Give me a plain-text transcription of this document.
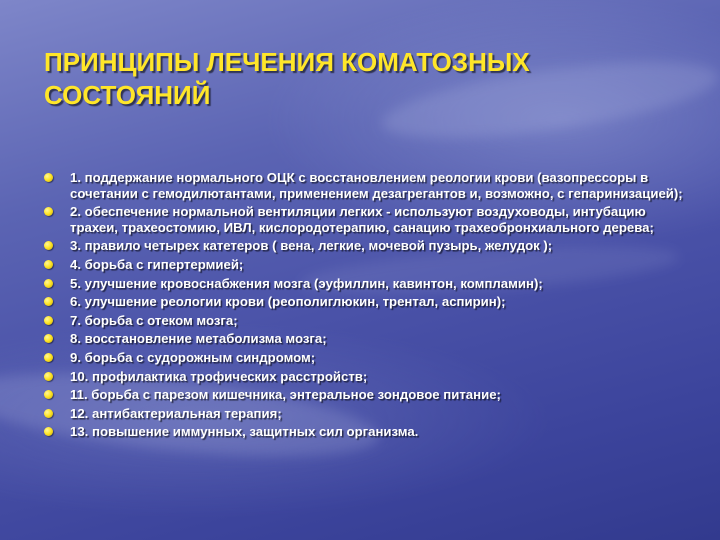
ПРИНЦИПЫ ЛЕЧЕНИЯ КОМАТОЗНЫХ СОСТОЯНИЙ
1. поддержание нормального ОЦК с восстановлением реологии крови (вазопрессоры в сочетании с гемодилютантами, применением дезагрегантов и, возможно, с гепаринизацией);
2. обеспечение нормальной вентиляции легких - используют воздуховоды, интубацию трахеи, трахеостомию, ИВЛ, кислородотерапию, санацию трахеобронхиального дерева;
3. правило четырех катетеров ( вена, легкие, мочевой пузырь, желудок );
4. борьба с гипертермией;
5. улучшение кровоснабжения мозга (эуфиллин, кавинтон, компламин);
6. улучшение реологии крови (реополиглюкин, трентал, аспирин);
7. борьба с отеком мозга;
8. восстановление метаболизма мозга;
9. борьба с судорожным синдромом;
10. профилактика трофических расстройств;
11. борьба с парезом кишечника, энтеральное зондовое питание;
12. антибактериальная терапия;
13. повышение иммунных, защитных сил организма.
